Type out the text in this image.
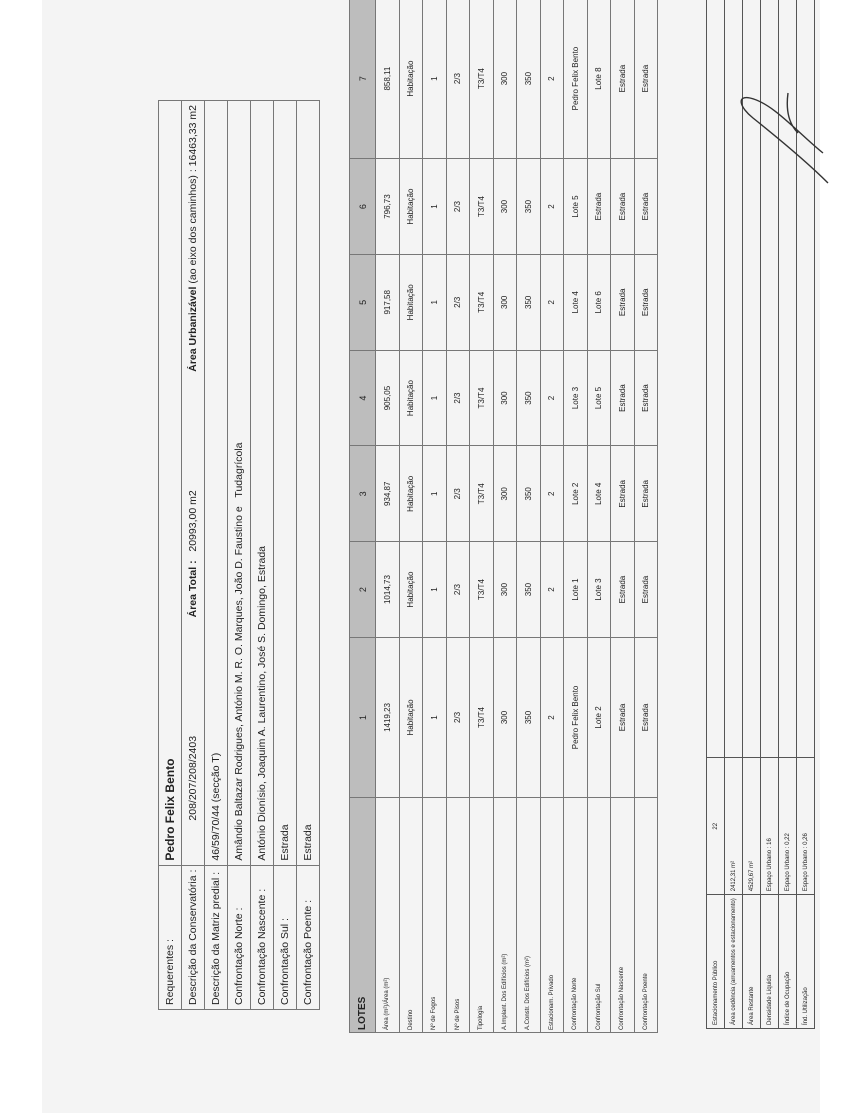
Requerentes :	Pedro Felix Bento
Descrição da Conservatória :	208/207/208/2403
Área Total :   20993,00 m2
Área Urbanizável (ao eixo dos caminhos) : 16463,33 m2

Descrição da Matriz predial :	46/59/70/44 (secção T)
Confrontação Norte :	Amândio Baltazar Rodrigues, António M. R. O. Marques, João D. Faustino e   Tudagrícola
Confrontação Nascente :	António Dionísio, Joaquim A. Laurentino, José S. Domingo, Estrada
Confrontação Sul :	Estrada
Confrontação Poente :	Estrada
LOTES	1	2	3	4	5	6	7
Área (m²)/Área (m²)	1419,23	1014,73	934,87	905,05	917,58	796,73	858,11
Destino	Habitação	Habitação	Habitação	Habitação	Habitação	Habitação	Habitação
Nº de Fogos	1	1	1	1	1	1	1
Nº de Pisos	2/3	2/3	2/3	2/3	2/3	2/3	2/3
Tipologia	T3/T4	T3/T4	T3/T4	T3/T4	T3/T4	T3/T4	T3/T4
A.Implant. Dos Edifícios (m²)	300	300	300	300	300	300	300
A.Constr. Dos Edifícios (m²)	350	350	350	350	350	350	350
Estacionam. Privado	2	2	2	2	2	2	2
Confrontação Norte	Pedro Felix Bento	Lote 1	Lote 2	Lote 3	Lote 4	Lote 5	Pedro Felix Bento
Confrontação Sul	Lote 2	Lote 3	Lote 4	Lote 5	Lote 6	Estrada	Lote 8
Confrontação Nascente	Estrada	Estrada	Estrada	Estrada	Estrada	Estrada	Estrada
Confrontação Poente	Estrada	Estrada	Estrada	Estrada	Estrada	Estrada	Estrada
Estacionamento Público	22	
Área cedência (arruamentos e estacionamento)	2412,31 m²	
Área Restante	4529,67 m²	
Densidade Líquida	Espaço Urbano : 16	
Índice de Ocupação	Espaço Urbano : 0,22	
Índ. Utilização	Espaço Urbano : 0,26	
